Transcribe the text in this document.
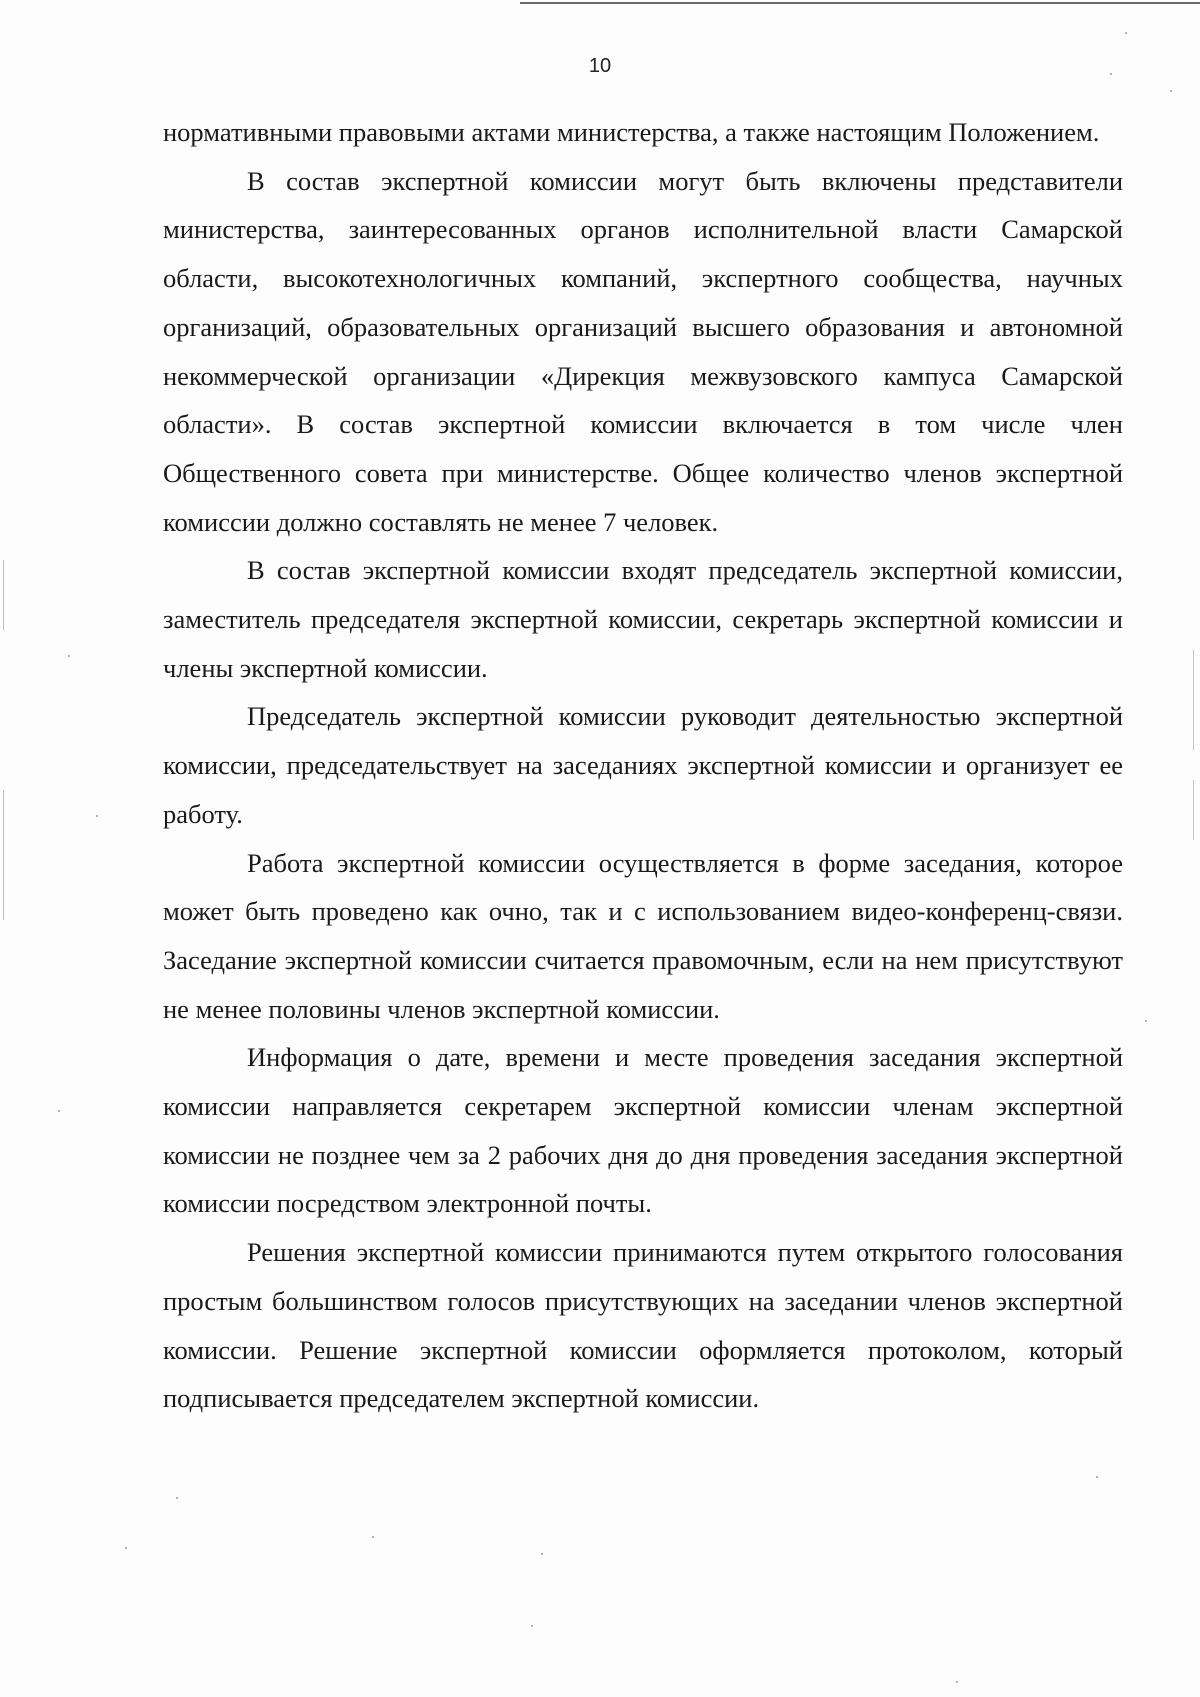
10

нормативными правовыми актами министерства, а также настоящим Положением.

В состав экспертной комиссии могут быть включены представители министерства, заинтересованных органов исполнительной власти Самарской области, высокотехнологичных компаний, экспертного сообщества, научных организаций, образовательных организаций высшего образования и автономной некоммерческой организации «Дирекция межвузовского кампуса Самарской области». В состав экспертной комиссии включается в том числе член Общественного совета при министерстве. Общее количество членов экспертной комиссии должно составлять не менее 7 человек.

В состав экспертной комиссии входят председатель экспертной комиссии, заместитель председателя экспертной комиссии, секретарь экспертной комиссии и члены экспертной комиссии.

Председатель экспертной комиссии руководит деятельностью экспертной комиссии, председательствует на заседаниях экспертной комиссии и организует ее работу.

Работа экспертной комиссии осуществляется в форме заседания, которое может быть проведено как очно, так и с использованием видео-конференц-связи. Заседание экспертной комиссии считается правомочным, если на нем присутствуют не менее половины членов экспертной комиссии.

Информация о дате, времени и месте проведения заседания экспертной комиссии направляется секретарем экспертной комиссии членам экспертной комиссии не позднее чем за 2 рабочих дня до дня проведения заседания экспертной комиссии посредством электронной почты.

Решения экспертной комиссии принимаются путем открытого голосования простым большинством голосов присутствующих на заседании членов экспертной комиссии. Решение экспертной комиссии оформляется протоколом, который подписывается председателем экспертной комиссии.
